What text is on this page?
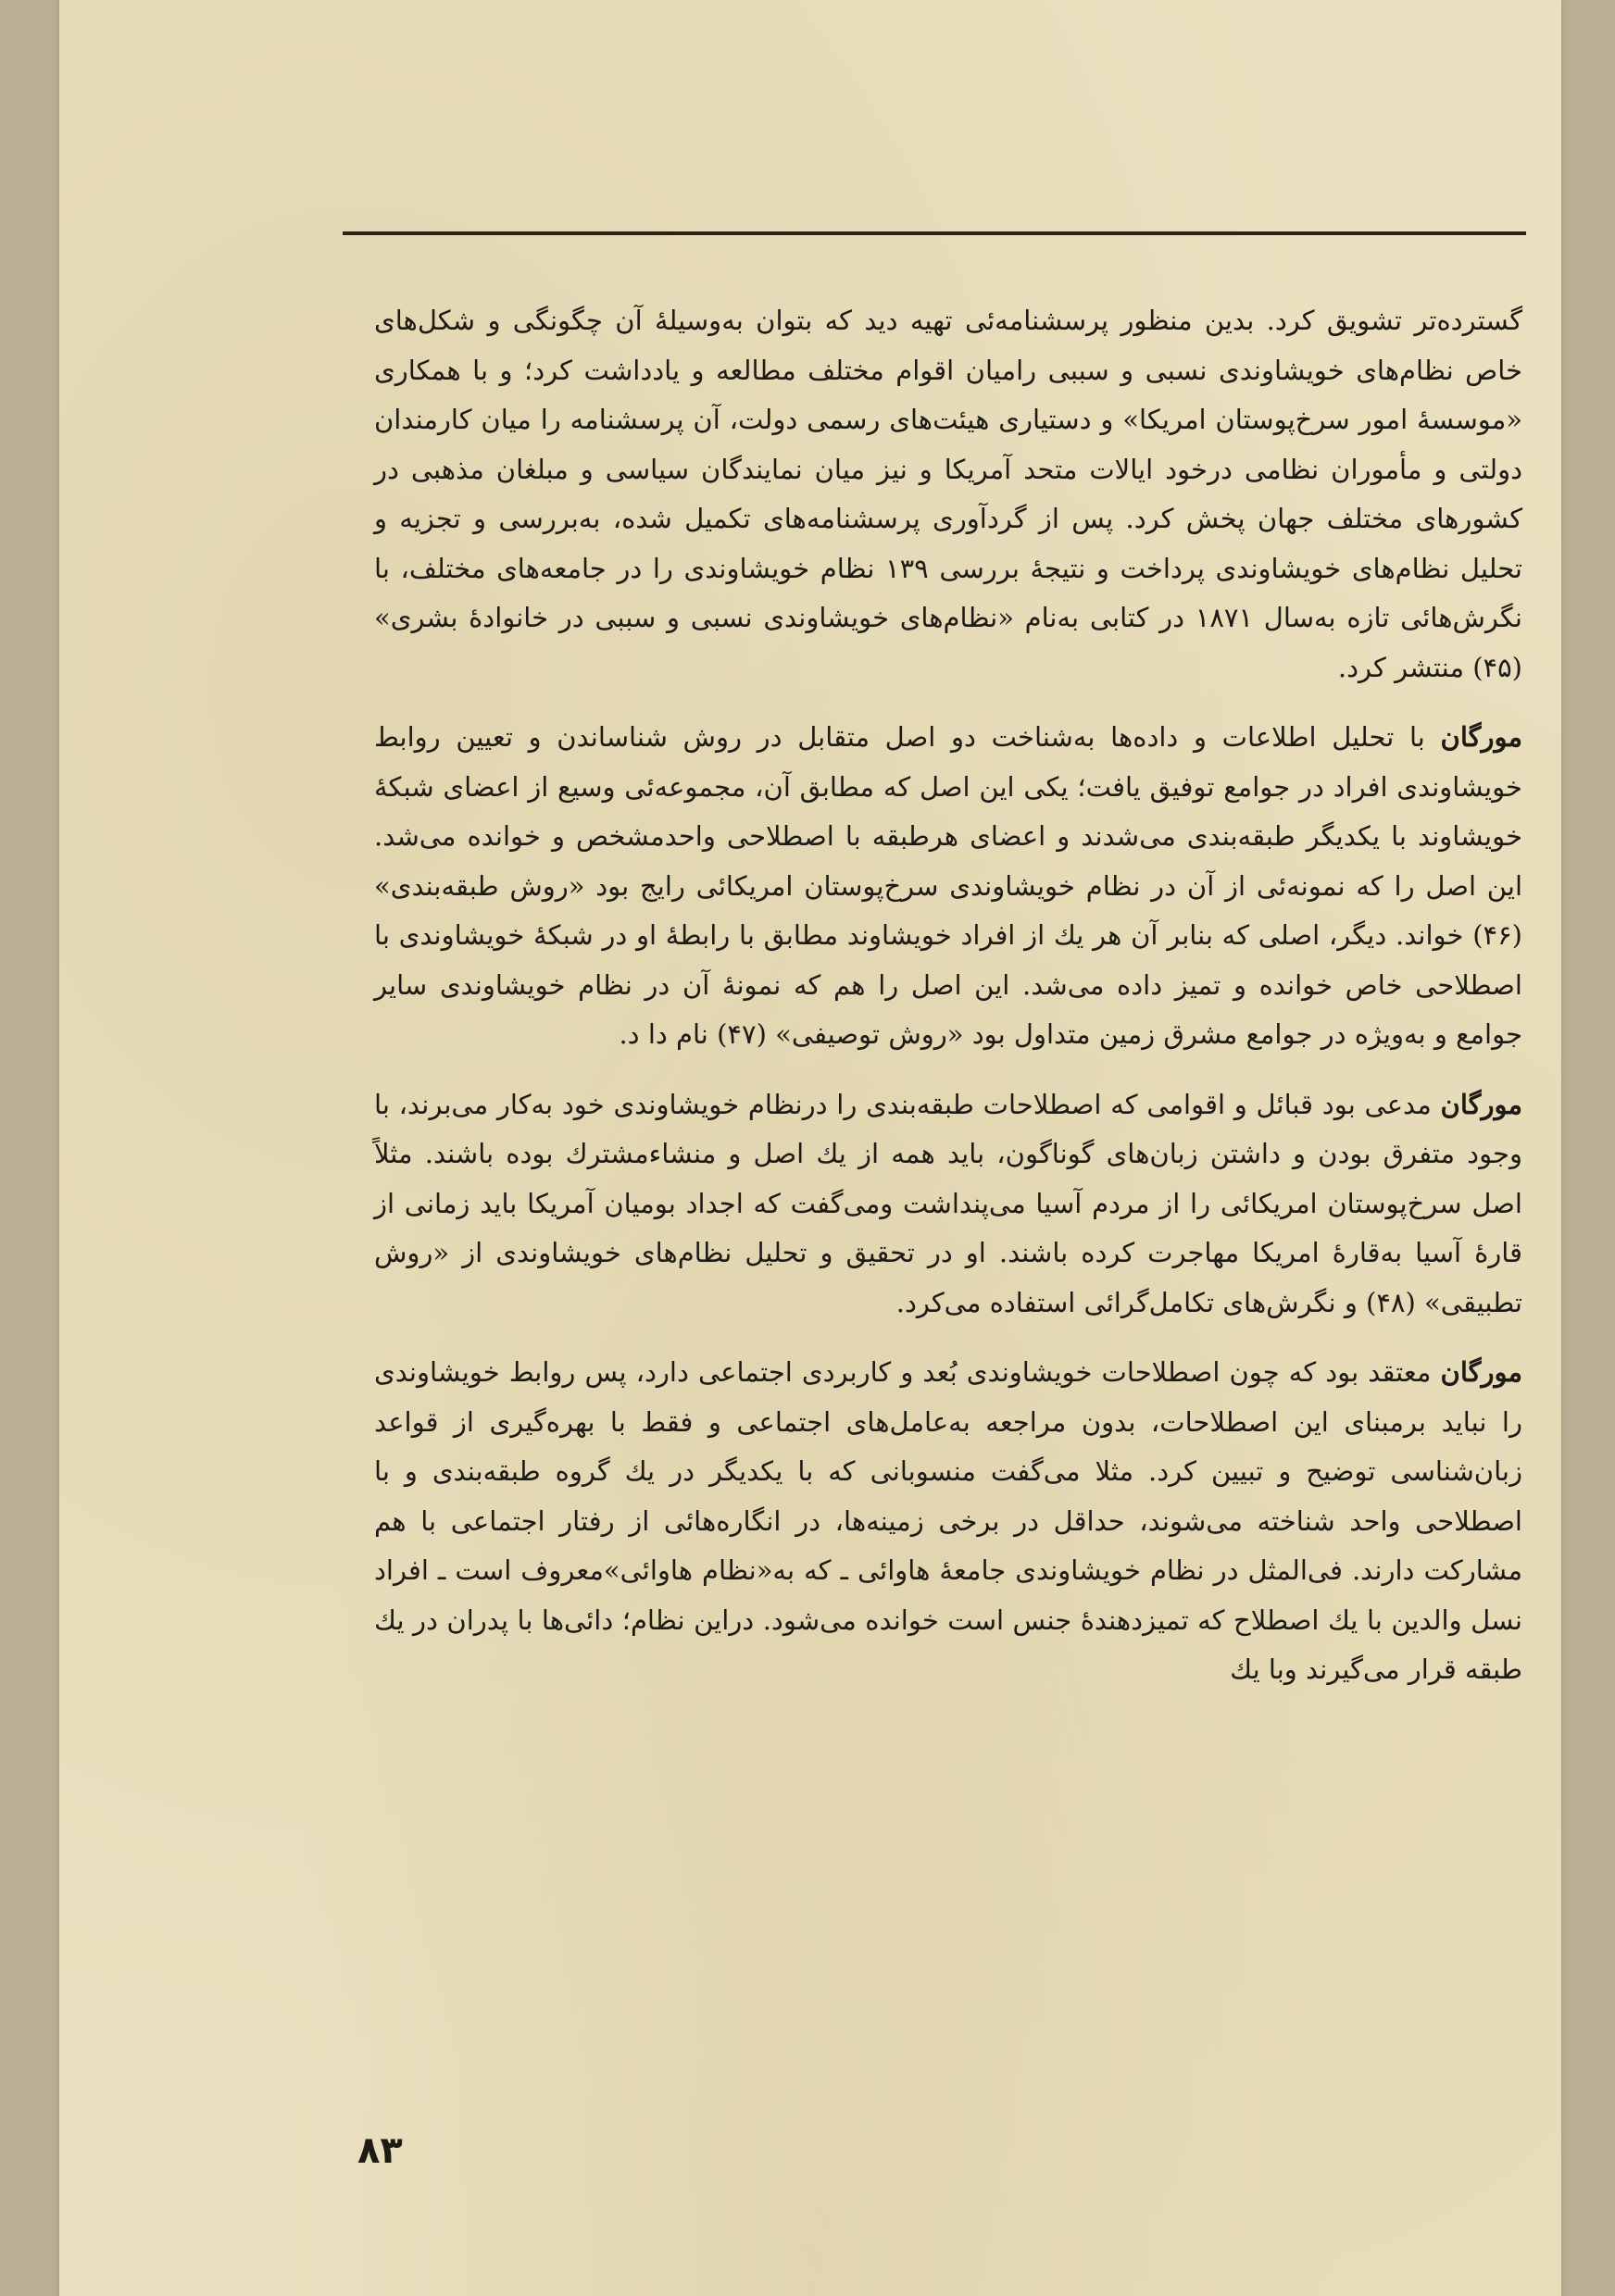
گسترده‌تر تشویق کرد. بدین منظور پرسشنامه‌ئی تهیه دید که بتوان به‌وسیلهٔ آن چگونگی و شکل‌های خاص نظام‌های خویشاوندی نسبی و سببی رامیان اقوام مختلف مطالعه و یادداشت کرد؛ و با همکاری «موسسهٔ امور سرخ‌پوستان امریکا» و دستیاری هیئت‌های رسمی دولت، آن پرسشنامه را میان کارمندان دولتی و مأموران نظامی درخود ایالات متحد آمریکا و نیز میان نمایندگان سیاسی و مبلغان مذهبی در کشورهای مختلف جهان پخش کرد. پس از گردآوری پرسشنامه‌های تکمیل شده، به‌بررسی و تجزیه و تحلیل نظام‌های خویشاوندی پرداخت و نتیجهٔ بررسی ۱۳۹ نظام خویشاوندی را در جامعه‌های مختلف، با نگرش‌هائی تازه به‌سال ۱۸۷۱ در کتابی به‌نام «نظام‌های خویشاوندی نسبی و سببی در خانوادهٔ بشری» (۴۵) منتشر کرد.

مورگان با تحلیل اطلاعات و داده‌ها به‌شناخت دو اصل متقابل در روش شناساندن و تعیین روابط خویشاوندی افراد در جوامع توفیق یافت؛ یکی این اصل که مطابق آن، مجموعه‌ئی وسیع از اعضای شبکهٔ خویشاوند با یکدیگر طبقه‌بندی می‌شدند و اعضای هرطبقه با اصطلاحی واحدمشخص و خوانده می‌شد. این اصل را که نمونه‌ئی از آن در نظام خویشاوندی سرخ‌پوستان امریکائی رایج بود «روش طبقه‌بندی» (۴۶) خواند. دیگر، اصلی که بنابر آن هر یك از افراد خویشاوند مطابق با رابطهٔ او در شبکهٔ خویشاوندی با اصطلاحی خاص خوانده و تمیز داده می‌شد. این اصل را هم که نمونهٔ آن در نظام خویشاوندی سایر جوامع و به‌ویژه در جوامع مشرق زمین متداول بود «روش توصیفی» (۴۷) نام دا د.

مورگان مدعی بود قبائل و اقوامی که اصطلاحات طبقه‌بندی را درنظام خویشاوندی خود به‌کار می‌برند، با وجود متفرق بودن و داشتن زبان‌های گوناگون، باید همه از یك اصل و منشاءمشترك بوده باشند. مثلاً اصل سرخ‌پوستان امریکائی را از مردم آسیا می‌پنداشت ومی‌گفت که اجداد بومیان آمریکا باید زمانی از قارهٔ آسیا به‌قارهٔ امریکا مهاجرت کرده باشند. او در تحقیق و تحلیل نظام‌های خویشاوندی از «روش تطبیقی» (۴۸) و نگرش‌های تکامل‌گرائی استفاده می‌کرد.

مورگان معتقد بود که چون اصطلاحات خویشاوندی بُعد و کاربردی اجتماعی دارد، پس روابط خویشاوندی را نباید برمبنای این اصطلاحات، بدون مراجعه به‌عامل‌های اجتماعی و فقط با بهره‌گیری از قواعد زبان‌شناسی توضیح و تبیین کرد. مثلا می‌گفت منسوبانی که با یکدیگر در یك گروه طبقه‌بندی و با اصطلاحی واحد شناخته می‌شوند، حداقل در برخی زمینه‌ها، در انگاره‌هائی از رفتار اجتماعی با هم مشارکت دارند. فی‌المثل در نظام خویشاوندی جامعهٔ هاوائی ـ که به«نظام هاوائی»معروف است ـ افراد نسل والدین با یك اصطلاح که تمیزدهندهٔ جنس است خوانده می‌شود. دراین نظام؛ دائی‌ها با پدران در یك طبقه قرار می‌گیرند وبا یك

۸۳
